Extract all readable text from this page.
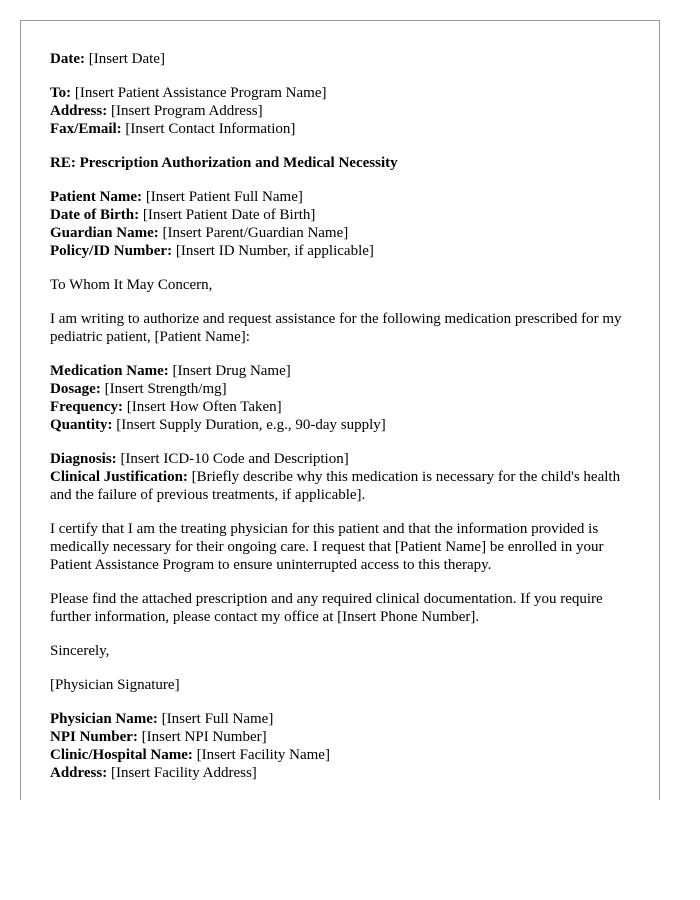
Date: [Insert Date]
To: [Insert Patient Assistance Program Name]
Address: [Insert Program Address]
Fax/Email: [Insert Contact Information]
RE: Prescription Authorization and Medical Necessity
Patient Name: [Insert Patient Full Name]
Date of Birth: [Insert Patient Date of Birth]
Guardian Name: [Insert Parent/Guardian Name]
Policy/ID Number: [Insert ID Number, if applicable]
To Whom It May Concern,
I am writing to authorize and request assistance for the following medication prescribed for my pediatric patient, [Patient Name]:
Medication Name: [Insert Drug Name]
Dosage: [Insert Strength/mg]
Frequency: [Insert How Often Taken]
Quantity: [Insert Supply Duration, e.g., 90-day supply]
Diagnosis: [Insert ICD-10 Code and Description]
Clinical Justification: [Briefly describe why this medication is necessary for the child's health and the failure of previous treatments, if applicable].
I certify that I am the treating physician for this patient and that the information provided is medically necessary for their ongoing care. I request that [Patient Name] be enrolled in your Patient Assistance Program to ensure uninterrupted access to this therapy.
Please find the attached prescription and any required clinical documentation. If you require further information, please contact my office at [Insert Phone Number].
Sincerely,
[Physician Signature]
Physician Name: [Insert Full Name]
NPI Number: [Insert NPI Number]
Clinic/Hospital Name: [Insert Facility Name]
Address: [Insert Facility Address]
